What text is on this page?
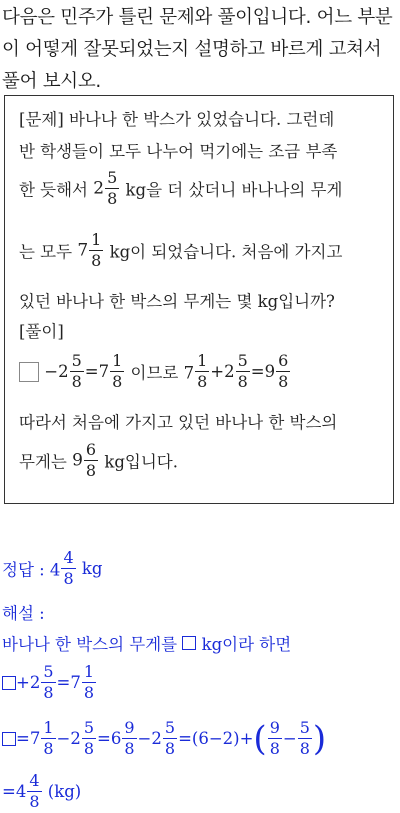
다음은 민주가 틀린 문제와 풀이입니다. 어느 부분이 어떻게 잘못되었는지 설명하고 바르게 고쳐서 풀어 보시오.
[문제] 바나나 한 박스가 있었습니다. 그런데
반 학생들이 모두 나누어 먹기에는 조금 부족
한 듯해서 $2 \frac{5}{8}$ kg을 더 샀더니 바나나의 무게
는 모두 $7 \frac{1}{8}$ kg이 되었습니다. 처음에 가지고
있던 바나나 한 박스의 무게는 몇 kg입니까?
[풀이]
$-2 \frac{5}{8} =7 \frac{1}{8}$ 이므로 $7 \frac{1}{8} +2 \frac{5}{8} =9 \frac{6}{8}$
따라서 처음에 가지고 있던 바나나 한 박스의
무게는 $9 \frac{6}{8}$ kg입니다.
정답 : $4 \frac{4}{8}$ kg
해설 :
바나나 한 박스의 무게를  kg이라 하면
$+2 \frac{5}{8} =7 \frac{1}{8}$
$=7 \frac{1}{8} -2 \frac{5}{8} =6 \frac{9}{8} -2 \frac{5}{8} =(6-2)+( \frac{9}{8} - \frac{5}{8}$ )
$=4 \frac{4}{8} (kg)$
